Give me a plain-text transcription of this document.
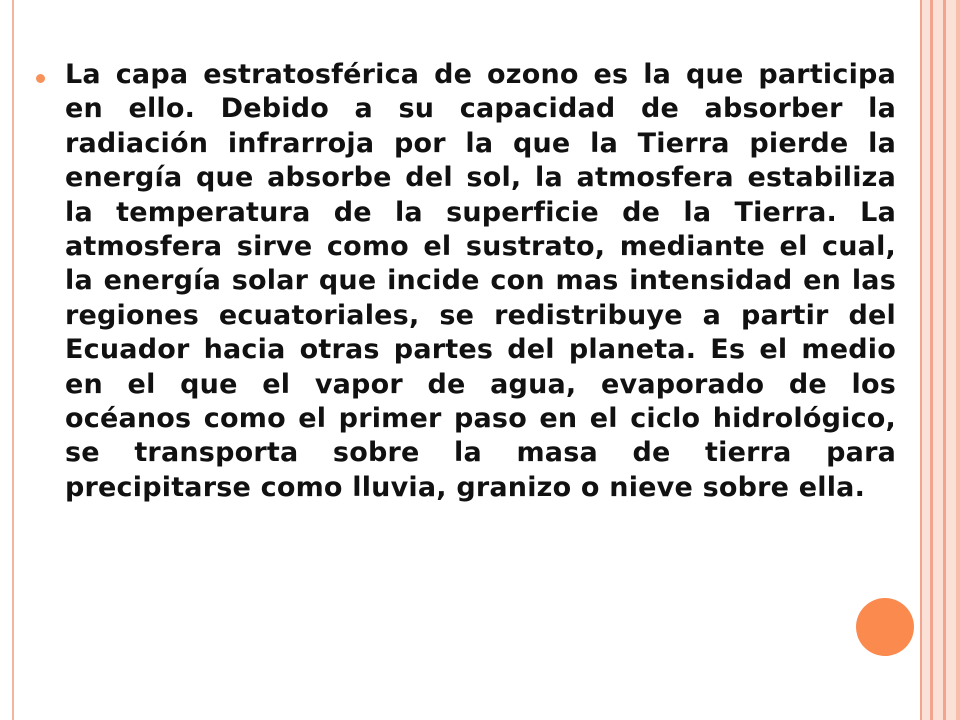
La capa estratosférica de ozono es la que participa en ello. Debido a su capacidad de absorber la radiación infrarroja por la que la Tierra pierde la energía que absorbe del sol, la atmosfera estabiliza la temperatura de la superficie de la Tierra. La atmosfera sirve como el sustrato, mediante el cual, la energía solar que incide con mas intensidad en las regiones ecuatoriales, se redistribuye a partir del Ecuador hacia otras partes del planeta. Es el medio en el que el vapor de agua, evaporado de los océanos como el primer paso en el ciclo hidrológico, se transporta sobre la masa de tierra para precipitarse como lluvia, granizo o nieve sobre ella.
